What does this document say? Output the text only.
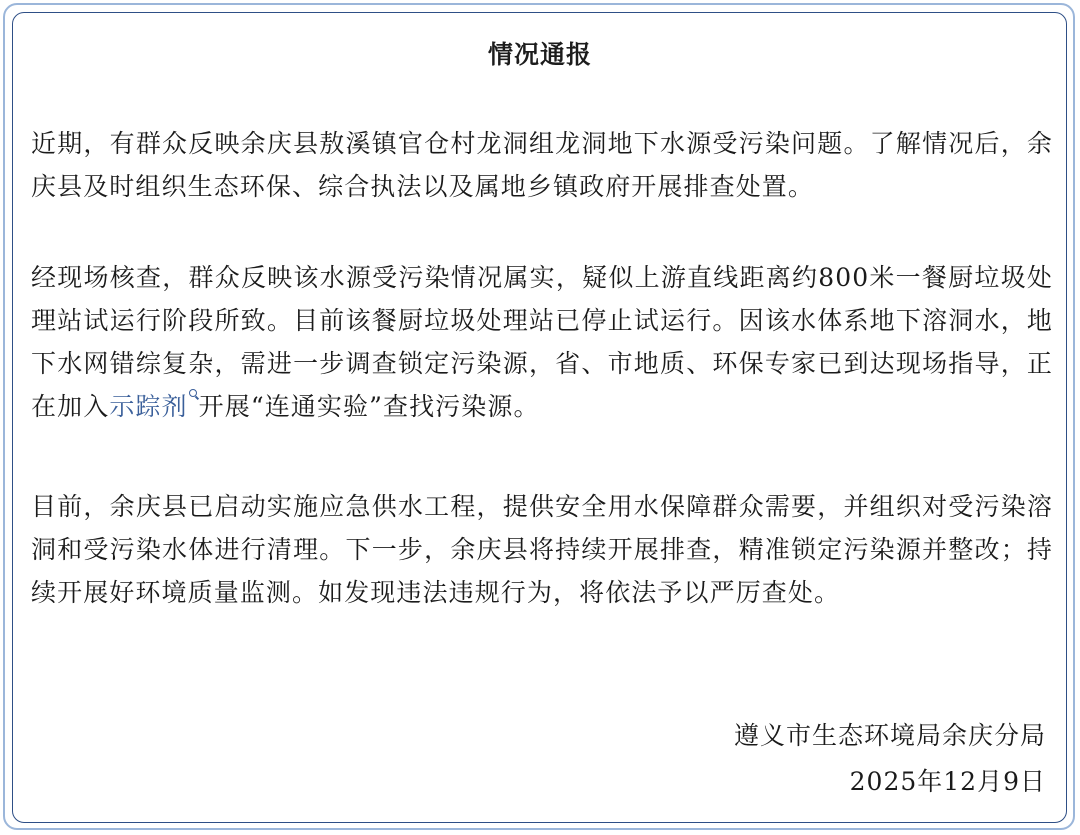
情况通报

近期，有群众反映余庆县敖溪镇官仓村龙洞组龙洞地下水源受污染问题。了解情况后，余庆县及时组织生态环保、综合执法以及属地乡镇政府开展排查处置。

经现场核查，群众反映该水源受污染情况属实，疑似上游直线距离约800米一餐厨垃圾处理站试运行阶段所致。目前该餐厨垃圾处理站已停止试运行。因该水体系地下溶洞水，地下水网错综复杂，需进一步调查锁定污染源，省、市地质、环保专家已到达现场指导，正在加入示踪剂 开展“连通实验”查找污染源。

目前，余庆县已启动实施应急供水工程，提供安全用水保障群众需要，并组织对受污染溶洞和受污染水体进行清理。下一步，余庆县将持续开展排查，精准锁定污染源并整改；持续开展好环境质量监测。如发现违法违规行为，将依法予以严厉查处。

遵义市生态环境局余庆分局
2025年12月9日
